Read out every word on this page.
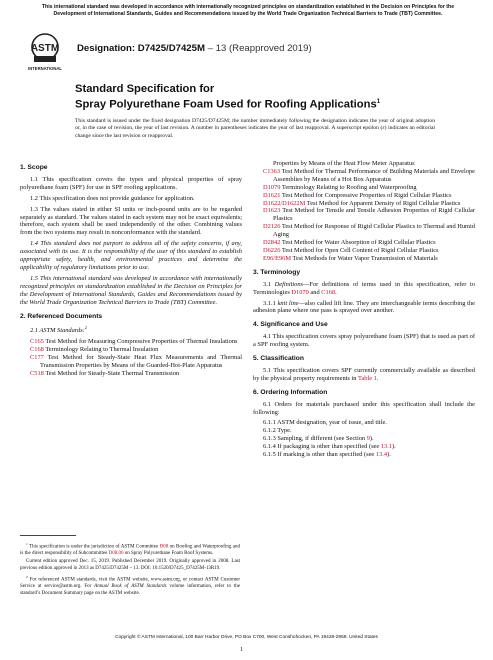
This international standard was developed in accordance with internationally recognized principles on standardization established in the Decision on Principles for the Development of International Standards, Guides and Recommendations issued by the World Trade Organization Technical Barriers to Trade (TBT) Committee.
ASTM
INTERNATIONAL
Designation: D7425/D7425M – 13 (Reapproved 2019)
Standard Specification for
Spray Polyurethane Foam Used for Roofing Applications$^1$
This standard is issued under the fixed designation D7425/D7425M; the number immediately following the designation indicates the year of original adoption or, in the case of revision, the year of last revision. A number in parentheses indicates the year of last reapproval. A superscript epsilon (ε) indicates an editorial change since the last revision or reapproval.
1. Scope

1.1 This specification covers the types and physical properties of spray polyurethane foam (SPF) for use in SPF roofing applications.

1.2 This specification does not provide guidance for application.

1.3 The values stated in either SI units or inch-pound units are to be regarded separately as standard. The values stated in each system may not be exact equivalents; therefore, each system shall be used independently of the other. Combining values from the two systems may result in nonconformance with the standard.

1.4 This standard does not purport to address all of the safety concerns, if any, associated with its use. It is the responsibility of the user of this standard to establish appropriate safety, health, and environmental practices and determine the applicability of regulatory limitations prior to use.

1.5 This international standard was developed in accordance with internationally recognized principles on standardization established in the Decision on Principles for the Development of International Standards, Guides and Recommendations issued by the World Trade Organization Technical Barriers to Trade (TBT) Committee.

2. Referenced Documents

2.1 ASTM Standards:$^2$

C165 Test Method for Measuring Compressive Properties of Thermal Insulations
C168 Terminology Relating to Thermal Insulation
C177 Test Method for Steady-State Heat Flux Measurements and Thermal Transmission Properties by Means of the Guarded-Hot-Plate Apparatus
C518 Test Method for Steady-State Thermal Transmission
Properties by Means of the Heat Flow Meter Apparatus
C1363 Test Method for Thermal Performance of Building Materials and Envelope Assemblies by Means of a Hot Box Apparatus
D1079 Terminology Relating to Roofing and Waterproofing
D1621 Test Method for Compressive Properties of Rigid Cellular Plastics
D1622/D1622M Test Method for Apparent Density of Rigid Cellular Plastics
D1623 Test Method for Tensile and Tensile Adhesion Properties of Rigid Cellular Plastics
D2126 Test Method for Response of Rigid Cellular Plastics to Thermal and Humid Aging
D2842 Test Method for Water Absorption of Rigid Cellular Plastics
D6226 Test Method for Open Cell Content of Rigid Cellular Plastics
E96/E96M Test Methods for Water Vapor Transmission of Materials
3. Terminology

3.1 Definitions—For definitions of terms used in this specification, refer to Terminologies D1079 and C168.

3.1.1 knit line—also called lift line. They are interchangeable terms describing the adhesion plane where one pass is sprayed over another.

4. Significance and Use

4.1 This specification covers spray polyurethane foam (SPF) that is used as part of a SPF roofing system.

5. Classification

5.1 This specification covers SPF currently commercially available as described by the physical property requirements in Table 1.

6. Ordering Information

6.1 Orders for materials purchased under this specification shall include the following:

6.1.1 ASTM designation, year of issue, and title.

6.1.2 Type.

6.1.3 Sampling, if different (see Section 9).

6.1.4 If packaging is other than specified (see 13.1).

6.1.5 If marking is other than specified (see 13.4).

$^1$ This specification is under the jurisdiction of ASTM Committee D08 on Roofing and Waterproofing and is the direct responsibility of Subcommittee D08.06 on Spray Polyurethane Foam Roof Systems.

Current edition approved Dec. 15, 2019. Published December 2019. Originally approved in 2008. Last previous edition approved in 2013 as D7425/D7425M – 13. DOI: 10.1520/D7425_D7425M-13R19.

$^2$ For referenced ASTM standards, visit the ASTM website, www.astm.org, or contact ASTM Customer Service at service@astm.org. For Annual Book of ASTM Standards volume information, refer to the standard’s Document Summary page on the ASTM website.

Copyright © ASTM International, 100 Barr Harbor Drive, PO Box C700, West Conshohocken, PA 19428-2959. United States
1
